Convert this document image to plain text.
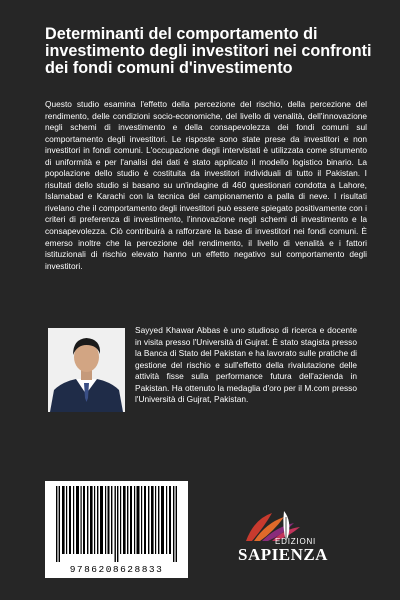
Determinanti del comportamento di investimento degli investitori nei confronti dei fondi comuni d'investimento

Questo studio esamina l'effetto della percezione del rischio, della percezione del rendimento, delle condizioni socio-economiche, del livello di venalità, dell'innovazione negli schemi di investimento e della consapevolezza dei fondi comuni sul comportamento degli investitori. Le risposte sono state prese da investitori e non investitori in fondi comuni. L'occupazione degli intervistati è utilizzata come strumento di uniformità e per l'analisi dei dati è stato applicato il modello logistico binario. La popolazione dello studio è costituita da investitori individuali di tutto il Pakistan. I risultati dello studio si basano su un'indagine di 460 questionari condotta a Lahore, Islamabad e Karachi con la tecnica del campionamento a palla di neve. I risultati rivelano che il comportamento degli investitori può essere spiegato positivamente con i criteri di preferenza di investimento, l'innovazione negli schemi di investimento e la consapevolezza. Ciò contribuirà a rafforzare la base di investitori nei fondi comuni. È emerso inoltre che la percezione del rendimento, il livello di venalità e i fattori istituzionali di rischio elevato hanno un effetto negativo sul comportamento degli investitori.

Sayyed Khawar Abbas è uno studioso di ricerca e docente in visita presso l'Università di Gujrat. È stato stagista presso la Banca di Stato del Pakistan e ha lavorato sulle pratiche di gestione del rischio e sull'effetto della rivalutazione delle attività fisse sulla performance futura dell'azienda in Pakistan. Ha ottenuto la medaglia d'oro per il M.com presso l'Università di Gujrat, Pakistan.

9786208628833
EDIZIONI
SAPIENZA
